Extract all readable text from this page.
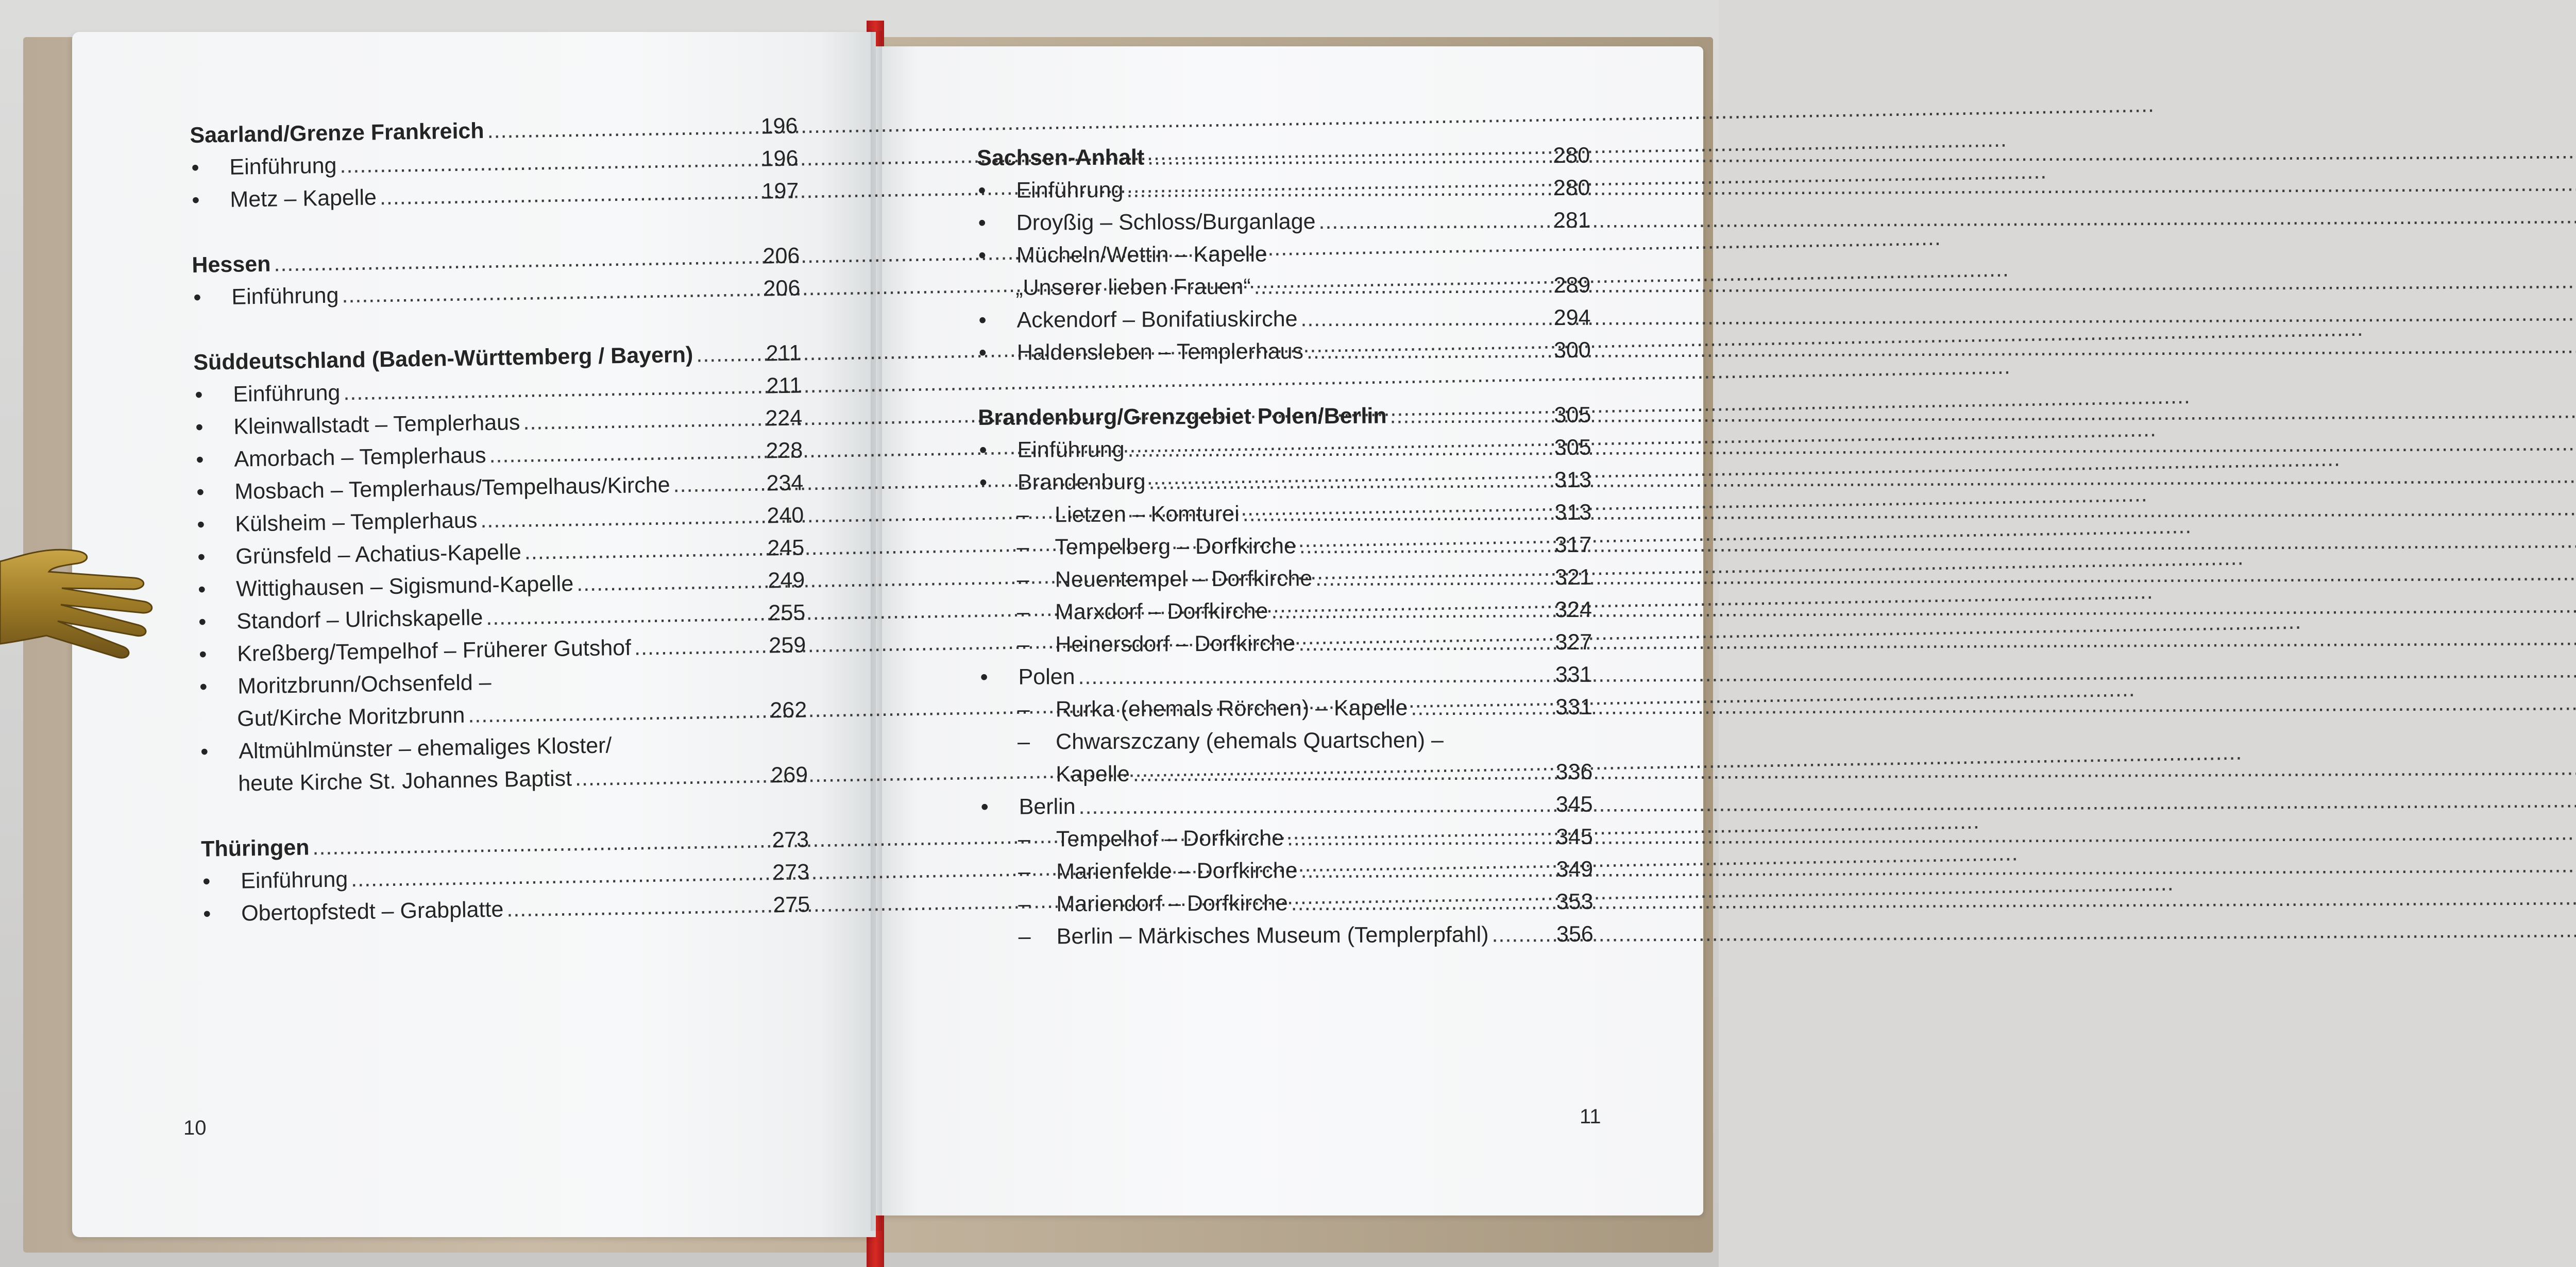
Saarland/Grenze Frankreich .....	196
•	Einführung .....	196
•	Metz – Kapelle .....	197
Hessen .....	206
•	Einführung .....	206
Süddeutschland (Baden-Württemberg / Bayern) .....	211
•	Einführung .....	211
•	Kleinwallstadt – Templerhaus .....	224
•	Amorbach – Templerhaus .....	228
•	Mosbach – Templerhaus/Tempelhaus/Kirche .....	234
•	Külsheim – Templerhaus .....	240
•	Grünsfeld – Achatius-Kapelle .....	245
•	Wittighausen – Sigismund-Kapelle .....	249
•	Standorf – Ulrichskapelle .....	255
•	Kreßberg/Tempelhof – Früherer Gutshof .....	259
•	Moritzbrunn/Ochsenfeld –
Gut/Kirche Moritzbrunn .....	262
•	Altmühlmünster – ehemaliges Kloster/
heute Kirche St. Johannes Baptist .....	269
Thüringen .....	273
•	Einführung .....	273
•	Obertopfstedt – Grabplatte .....	275
Sachsen-Anhalt .....	280
•	Einführung .....	280
•	Droyßig – Schloss/Burganlage .....	281
•	Mücheln/Wettin – Kapelle
„Unserer lieben Frauen“ .....	289
•	Ackendorf – Bonifatiuskirche .....	294
•	Haldensleben – Templerhaus .....	300
Brandenburg/Grenzgebiet Polen/Berlin .....	305
•	Einführung .....	305
•	Brandenburg .....	313
–	Lietzen – Komturei .....	313
–	Tempelberg – Dorfkirche .....	317
–	Neuentempel – Dorfkirche .....	321
–	Marxdorf – Dorfkirche .....	324
–	Heinersdorf – Dorfkirche .....	327
•	Polen .....	331
–	Rurka (ehemals Rörchen) – Kapelle .....	331
–	Chwarszczany (ehemals Quartschen) –
Kapelle .....	336
•	Berlin .....	345
–	Tempelhof – Dorfkirche .....	345
–	Marienfelde – Dorfkirche .....	349
–	Mariendorf – Dorfkirche .....	353
–	Berlin – Märkisches Museum (Templerpfahl) .....	356
10	11
